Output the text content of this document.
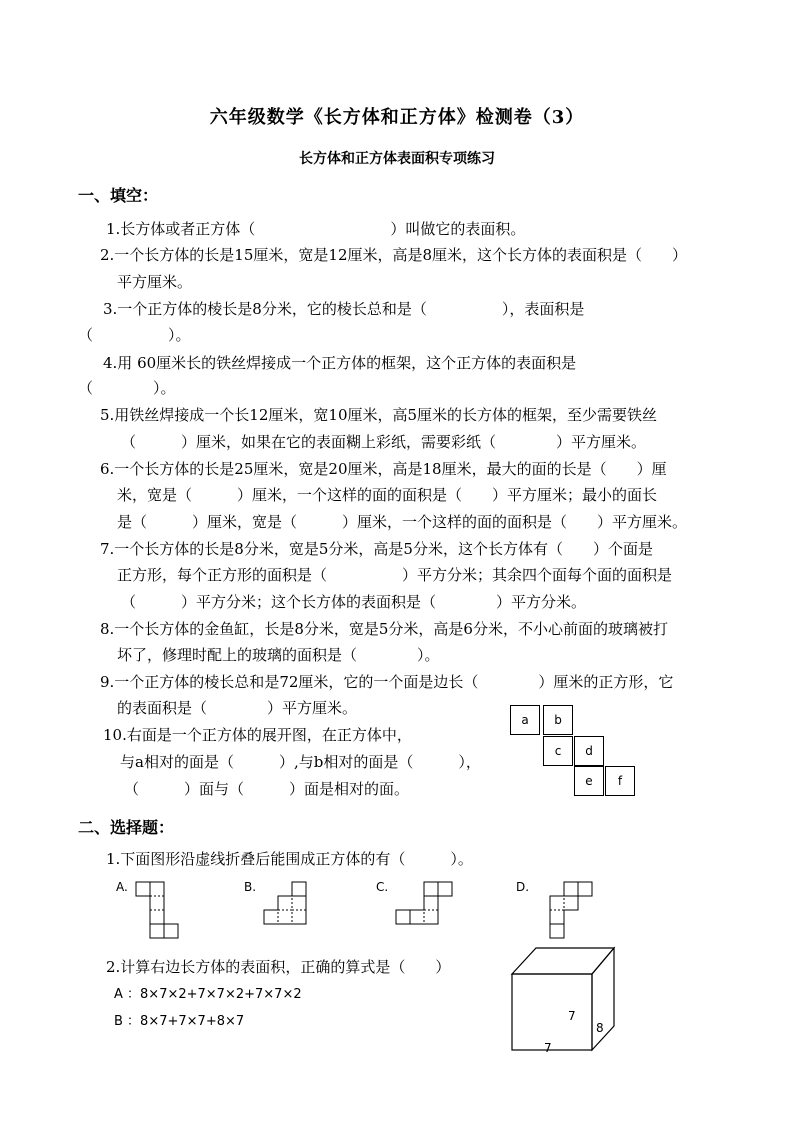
六年级数学《长方体和正方体》检测卷（3）
长方体和正方体表面积专项练习
一、填空：
1.长方体或者正方体（　　　　　　　　　）叫做它的表面积。
2.一个长方体的长是15厘米，宽是12厘米，高是8厘米，这个长方体的表面积是（　　）
平方厘米。
3.一个正方体的棱长是8分米，它的棱长总和是（　　　　　），表面积是
（　　　　　）。
4.用 60厘米长的铁丝焊接成一个正方体的框架，这个正方体的表面积是
（　　　　）。
5.用铁丝焊接成一个长12厘米，宽10厘米，高5厘米的长方体的框架，至少需要铁丝
（　　　）厘米，如果在它的表面糊上彩纸，需要彩纸（　　　　）平方厘米。
6.一个长方体的长是25厘米，宽是20厘米，高是18厘米，最大的面的长是（　　）厘
米，宽是（　　　）厘米，一个这样的面的面积是（　　）平方厘米；最小的面长
是（　　　）厘米，宽是（　　　）厘米，一个这样的面的面积是（　　）平方厘米。
7.一个长方体的长是8分米，宽是5分米，高是5分米，这个长方体有（　　）个面是
正方形，每个正方形的面积是（　　　　　）平方分米；其余四个面每个面的面积是
（　　　）平方分米；这个长方体的表面积是（　　　　）平方分米。
8.一个长方体的金鱼缸，长是8分米，宽是5分米，高是6分米，不小心前面的玻璃被打
坏了，修理时配上的玻璃的面积是（　　　　）。
9.一个正方体的棱长总和是72厘米，它的一个面是边长（　　　　）厘米的正方形，它
的表面积是（　　　　）平方厘米。
10.右面是一个正方体的展开图，在正方体中，
与a相对的面是（　　　）,与b相对的面是（　　　），
（　　　）面与（　　　）面是相对的面。
a	b
c	d
e	f
二、选择题：
1.下面图形沿虚线折叠后能围成正方体的有（　　　）。
A.	B.	C.	D.
2.计算右边长方体的表面积，正确的算式是（　　）
A ：8×7×2+7×7×2+7×7×2
B ：8×7+7×7+8×7	7
8
7
